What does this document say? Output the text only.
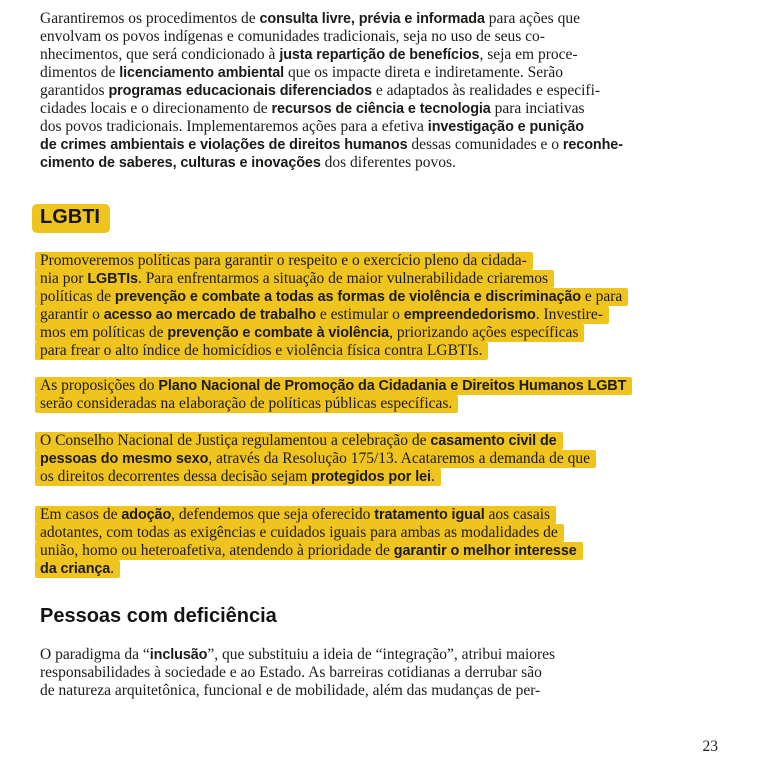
Garantiremos os procedimentos de consulta livre, prévia e informada para ações que
envolvam os povos indígenas e comunidades tradicionais, seja no uso de seus co-
nhecimentos, que será condicionado à justa repartição de benefícios, seja em proce-
dimentos de licenciamento ambiental que os impacte direta e indiretamente. Serão
garantidos programas educacionais diferenciados e adaptados às realidades e especifi-
cidades locais e o direcionamento de recursos de ciência e tecnologia para inciativas
dos povos tradicionais. Implementaremos ações para a efetiva investigação e punição
de crimes ambientais e violações de direitos humanos dessas comunidades e o reconhe-
cimento de saberes, culturas e inovações dos diferentes povos.
LGBTI
Promoveremos políticas para garantir o respeito e o exercício pleno da cidada-
nia por LGBTIs. Para enfrentarmos a situação de maior vulnerabilidade criaremos
políticas de prevenção e combate a todas as formas de violência e discriminação e para
garantir o acesso ao mercado de trabalho e estimular o empreendedorismo. Investire-
mos em políticas de prevenção e combate à violência, priorizando ações específicas
para frear o alto índice de homicídios e violência física contra LGBTIs.
As proposições do Plano Nacional de Promoção da Cidadania e Direitos Humanos LGBT
serão consideradas na elaboração de políticas públicas específicas.
O Conselho Nacional de Justiça regulamentou a celebração de casamento civil de
pessoas do mesmo sexo, através da Resolução 175/13. Acataremos a demanda de que
os direitos decorrentes dessa decisão sejam protegidos por lei.
Em casos de adoção, defendemos que seja oferecido tratamento igual aos casais
adotantes, com todas as exigências e cuidados iguais para ambas as modalidades de
união, homo ou heteroafetiva, atendendo à prioridade de garantir o melhor interesse
da criança.
Pessoas com deficiência
O paradigma da “inclusão”, que substituiu a ideia de “integração”, atribui maiores
responsabilidades à sociedade e ao Estado. As barreiras cotidianas a derrubar são
de natureza arquitetônica, funcional e de mobilidade, além das mudanças de per-
23
